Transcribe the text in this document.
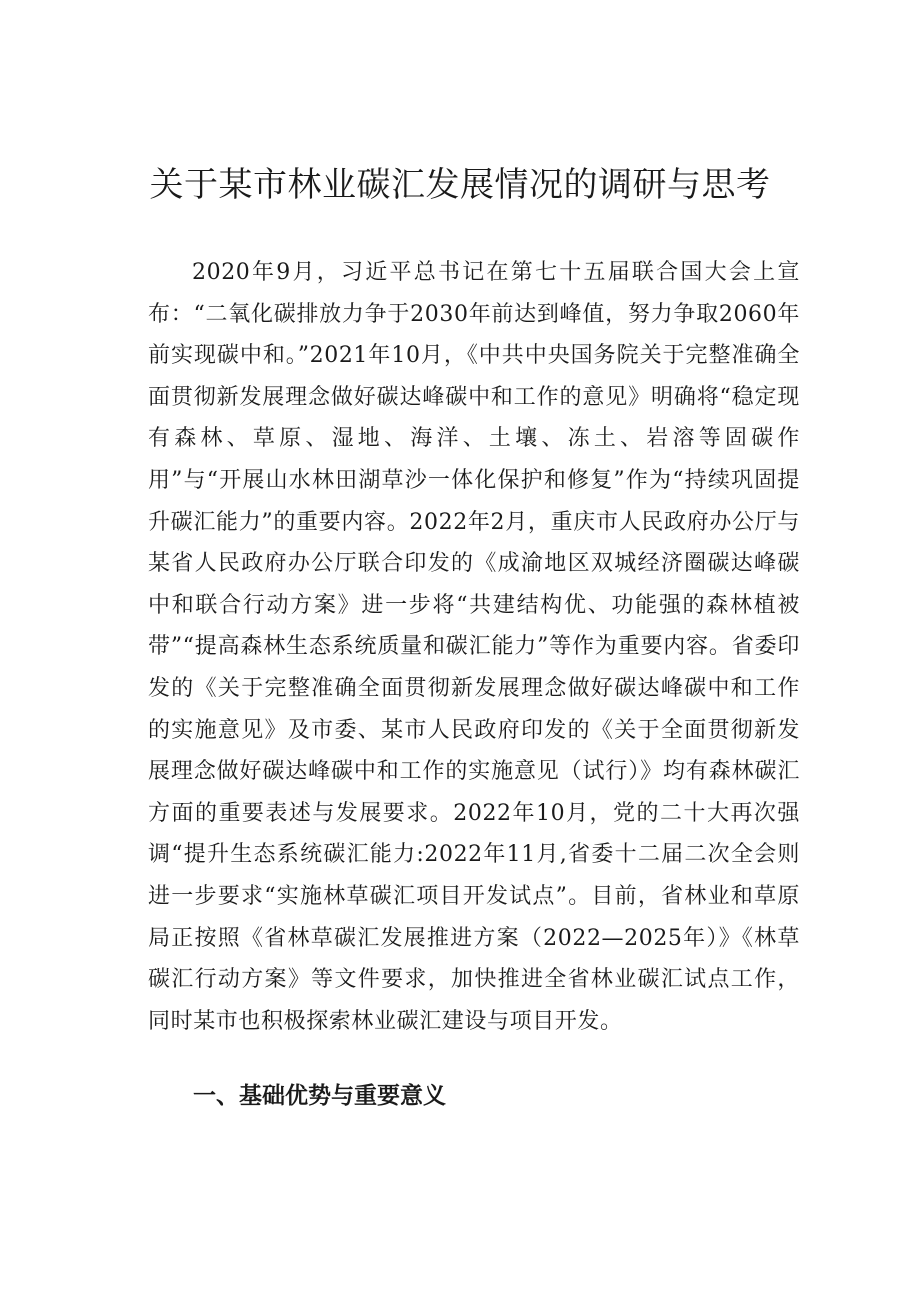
关于某市林业碳汇发展情况的调研与思考

2020年9月，习近平总书记在第七十五届联合国大会上宣布：“二氧化碳排放力争于2030年前达到峰值，努力争取2060年前实现碳中和。”2021年10月，《中共中央国务院关于完整准确全面贯彻新发展理念做好碳达峰碳中和工作的意见》明确将“稳定现有森林、草原、湿地、海洋、土壤、冻土、岩溶等固碳作用”与“开展山水林田湖草沙一体化保护和修复”作为“持续巩固提升碳汇能力”的重要内容。2022年2月，重庆市人民政府办公厅与某省人民政府办公厅联合印发的《成渝地区双城经济圈碳达峰碳中和联合行动方案》进一步将“共建结构优、功能强的森林植被带”“提高森林生态系统质量和碳汇能力”等作为重要内容。省委印发的《关于完整准确全面贯彻新发展理念做好碳达峰碳中和工作的实施意见》及市委、某市人民政府印发的《关于全面贯彻新发展理念做好碳达峰碳中和工作的实施意见（试行）》均有森林碳汇方面的重要表述与发展要求。2022年10月，党的二十大再次强调“提升生态系统碳汇能力:2022年11月,省委十二届二次全会则进一步要求“实施林草碳汇项目开发试点”。目前，省林业和草原局正按照《省林草碳汇发展推进方案（2022—2025年）》《林草碳汇行动方案》等文件要求，加快推进全省林业碳汇试点工作，同时某市也积极探索林业碳汇建设与项目开发。

一、基础优势与重要意义
